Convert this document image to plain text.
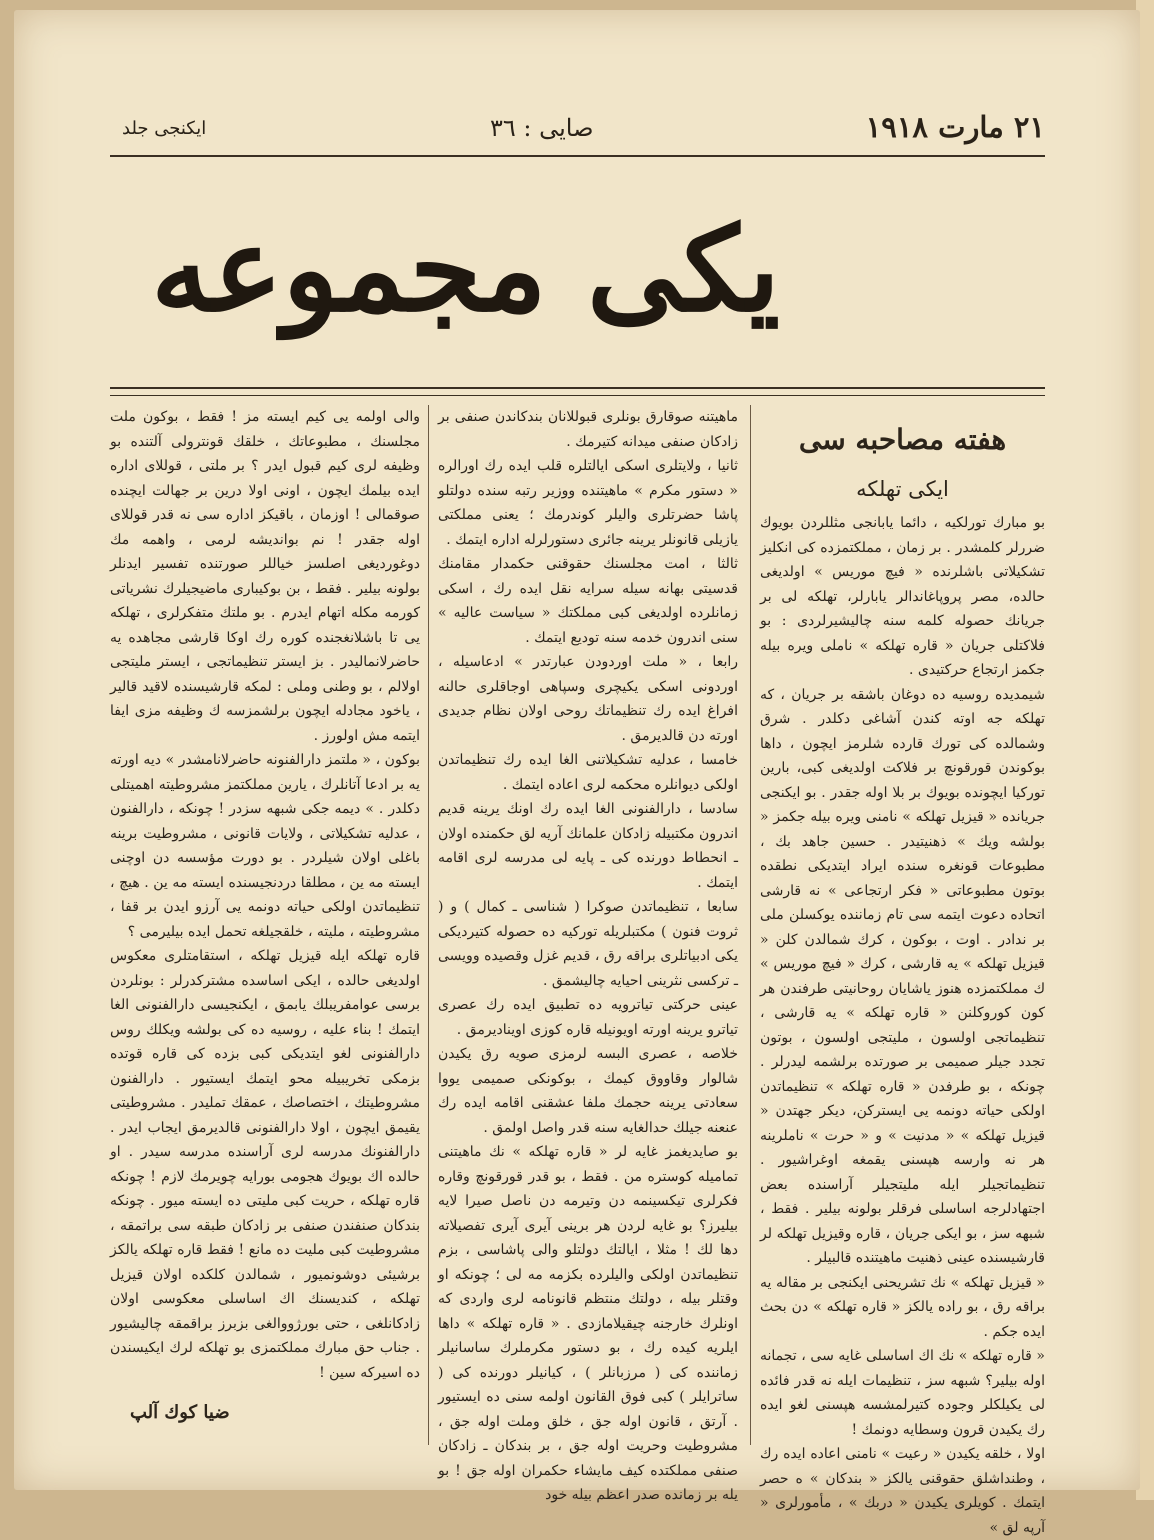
٢١ مارت ١٩١٨
صايى : ٣٦
ايكنجى جلد
يكى مجموعه
هفته مصاحبه سى
ايكى تهلكه

بو مبارك تورلكيه ، دائما يابانجى مثللردن بويوك ضررلر كلمشدر . بر زمان ، مملكتمزده كى انكليز تشكيلاتى باشلرنده « فيچ موريس » اولديغى حالده، مصر پروپاغاندالر يابارلر، تهلكه لى بر جريانك حصوله كلمه سنه چاليشيرلردى : بو فلاكتلى جريان « قاره تهلكه » ناملى ويره بيله جكمز ارتجاع حركتيدى .

شيمديده روسيه ده دوغان باشقه بر جريان ، كه تهلكه جه اوته كندن آشاغى دكلدر . شرق وشمالده كى تورك قارده شلرمز ايچون ، داها بوكوندن قورقونچ بر فلاكت اولديغى كبى، بارين توركيا ايچونده بويوك بر بلا اوله جقدر . بو ايكنجى جريانده « قيزيل تهلكه » نامنى ويره بيله جكمز « بولشه ويك » ذهنيتيدر . حسين جاهد بك ، مطبوعات قونغره سنده ايراد ايتديكى نطقده بوتون مطبوعاتى « فكر ارتجاعى » نه قارشى اتحاده دعوت ايتمه سى تام زماننده يوكسلن ملى بر ندادر . اوت ، بوكون ، كرك شمالدن كلن « قيزيل تهلكه » يه قارشى ، كرك « فيچ موريس » ك مملكتمزده هنوز ياشايان روحانيتى طرفندن هر كون كوروكلنن « قاره تهلكه » يه قارشى ، تنظيماتجى اولسون ، مليتجى اولسون ، بوتون تجدد جيلر صميمى بر صورتده برلشمه ليدرلر . چونكه ، بو طرفدن « قاره تهلكه » تنظيماتدن اولكى حياته دونمه يى ايستركن، ديكر جهتدن « قيزيل تهلكه » « مدنيت » و « حرت » ناملرينه هر نه وارسه هپسنى يقمغه اوغراشيور . تنظيماتجيلر ايله مليتجيلر آراسنده بعض اجتهادلرجه اساسلى فرقلر بولونه بيلير . فقط ، شبهه سز ، بو ايكى جريان ، قاره وقيزيل تهلكه لر قارشيسنده عينى ذهنيت ماهيتنده قالبيلر .

« قيزيل تهلكه » نك تشريحنى ايكنجى بر مقاله يه براقه رق ، بو راده يالكز « قاره تهلكه » دن بحث ايده جكم .

« قاره تهلكه » نك اك اساسلى غايه سى ، تجمانه اوله بيلير؟ شبهه سز ، تنظيمات ايله نه قدر فائده لى يكيلكلر وجوده كتيرلمشسه هپسنى لغو ايده رك يكيدن قرون وسطايه دونمك !

اولا ، خلقه يكيدن « رعيت » نامنى اعاده ايده رك ، وطنداشلق حقوقنى يالكز « بندكان » ه حصر ايتمك . كويلرى يكيدن « دربك » ، مأمورلرى « آرپه لق »

ماهيتنه صوقارق بونلرى قبوللانان بندكاندن صنفى بر زادكان صنفى ميدانه كتيرمك .

ثانيا ، ولايتلرى اسكى ايالتلره قلب ايده رك اورالره « دستور مكرم » ماهيتنده ووزير رتبه سنده دولتلو پاشا حضرتلرى واليلر كوندرمك ؛ يعنى مملكتى يازيلى قانونلر يرينه جائرى دستورلرله اداره ايتمك .

ثالثا ، امت مجلسنك حقوقنى حكمدار مقامنك قدسيتى بهانه سيله سرايه نقل ايده رك ، اسكى زمانلرده اولديغى كبى مملكتك « سياست عاليه » سنى اندرون خدمه سنه توديع ايتمك .

رابعا ، « ملت اوردودن عبارتدر » ادعاسيله ، اوردونى اسكى يكيچرى وسپاهى اوجاقلرى حالنه افراغ ايده رك تنظيماتك روحى اولان نظام جديدى اورته دن قالديرمق .

خامسا ، عدليه تشكيلاتنى الغا ايده رك تنظيماتدن اولكى ديوانلره محكمه لرى اعاده ايتمك .

سادسا ، دارالفنونى الغا ايده رك اونك يرينه قديم اندرون مكتبيله زادكان علمانك آريه لق حكمنده اولان ـ انحطاط دورنده كى ـ پايه لى مدرسه لرى اقامه ايتمك .

سابعا ، تنظيماتدن صوكرا ( شناسى ـ كمال ) و ( ثروت فنون ) مكتبلريله توركيه ده حصوله كتيرديكى يكى ادبياتلرى براقه رق ، قديم غزل وقصيده وويسى ـ تركسى نثرينى احيايه چاليشمق .

عينى حركتى تياترويه ده تطبيق ايده رك عصرى تياترو يرينه اورته اويونيله قاره كوزى اويناديرمق .

خلاصه ، عصرى البسه لرمزى صويه رق يكيدن شالوار وقاووق كيمك ، بوكونكى صميمى يووا سعادتى يرينه حجمك ملفا عشقنى اقامه ايده رك عنعنه جيلك حدالغايه سنه قدر واصل اولمق .

بو صايديغمز غايه لر « قاره تهلكه » نك ماهيتنى تماميله كوستره من . فقط ، بو قدر قورقونچ وقاره فكرلرى تيكسينمه دن وتيرمه دن ناصل صيرا لايه بيليرز؟ بو غايه لردن هر برينى آيرى آيرى تفصيلاته دها لك ! مثلا ، ايالتك دولتلو والى پاشاسى ، بزم تنظيماتدن اولكى واليلرده بكزمه مه لى ؛ چونكه او وقتلر بيله ، دولتك منتظم قانونامه لرى واردى كه اونلرك خارجنه چيقيلامازدى . « قاره تهلكه » داها ايلريه كيده رك ، بو دستور مكرملرك ساسانيلر زماننده كى ( مرزبانلر ) ، كيانيلر دورنده كى ( ساترايلر ) كبى فوق القانون اولمه سنى ده ايستيور . آرتق ، قانون اوله جق ، خلق وملت اوله جق ، مشروطيت وحريت اوله جق ، بر بندكان ـ زادكان صنفى مملكتده كيف مايشاء حكمران اوله جق ! بو يله بر زمانده صدر اعظم بيله خود

والى اولمه يى كيم ايسته مز ! فقط ، بوكون ملت مجلسنك ، مطبوعاتك ، خلقك قونترولى آلتنده بو وظيفه لرى كيم قبول ايدر ؟ بر ملتى ، قوللاى اداره ايده بيلمك ايچون ، اونى اولا درين بر جهالت ايچنده صوقمالى ! اوزمان ، باقيكز اداره سى نه قدر قوللاى اوله جقدر ! نم بوانديشه لرمى ، واهمه مك دوغورديغى اصلسز خياللر صورتنده تفسير ايدنلر بولونه بيلير . فقط ، بن بوكيبارى ماضيجيلرك نشرياتى كورمه مكله اتهام ايدرم . بو ملتك متفكرلرى ، تهلكه يى تا باشلانغجنده كوره رك اوكا قارشى مجاهده يه حاضرلانماليدر . بز ايستر تنظيماتجى ، ايستر مليتجى اولالم ، بو وطنى وملى : لمكه قارشيسنده لاقيد قالير ، ياخود مجادله ايچون برلشمزسه ك وظيفه مزى ايفا ايتمه مش اولورز .

بوكون ، « ملتمز دارالفنونه حاضرلانامشدر » ديه اورته يه بر ادعا آتانلرك ، يارين مملكتمز مشروطيته اهميتلى دكلدر . » ديمه جكى شبهه سزدر ! چونكه ، دارالفنون ، عدليه تشكيلاتى ، ولايات قانونى ، مشروطيت برينه باغلى اولان شيلردر . بو دورت مؤسسه دن اوچنى ايسته مه ين ، مطلقا دردنجيسنده ايسته مه ين . هيچ ، تنظيماتدن اولكى حياته دونمه يى آرزو ايدن بر قفا ، مشروطيته ، مليته ، خلقجيلغه تحمل ايده بيليرمى ؟

قاره تهلكه ايله قيزيل تهلكه ، استقامتلرى معكوس اولديغى حالده ، ايكى اساسده مشتركدرلر : بونلردن برسى عوامفريبلك يابمق ، ايكنجيسى دارالفنونى الغا ايتمك ! بناء عليه ، روسيه ده كى بولشه ويكلك روس دارالفنونى لغو ايتديكى كبى بزده كى قاره قوتده بزمكى تخريبيله محو ايتمك ايستيور . دارالفنون مشروطيتك ، اختصاصك ، عمقك تمليدر . مشروطيتى يقيمق ايچون ، اولا دارالفنونى قالديرمق ايجاب ايدر . دارالفنونك مدرسه لرى آراسنده مدرسه سيدر . او حالده اك بويوك هجومى بورايه چويرمك لازم ! چونكه قاره تهلكه ، حريت كبى مليتى ده ايسته ميور . چونكه بندكان صنفندن صنفى بر زادكان طبقه سى براتمقه ، مشروطيت كبى مليت ده مانع ! فقط قاره تهلكه يالكز برشيئى دوشونميور ، شمالدن كلكده اولان قيزيل تهلكه ، كنديسنك اك اساسلى معكوسى اولان زادكانلغى ، حتى بورژووالغى بزبرز براقمقه چاليشيور . جناب حق مبارك مملكتمزى بو تهلكه لرك ايكيسندن ده اسيركه سين !

ضيا كوك آلپ
